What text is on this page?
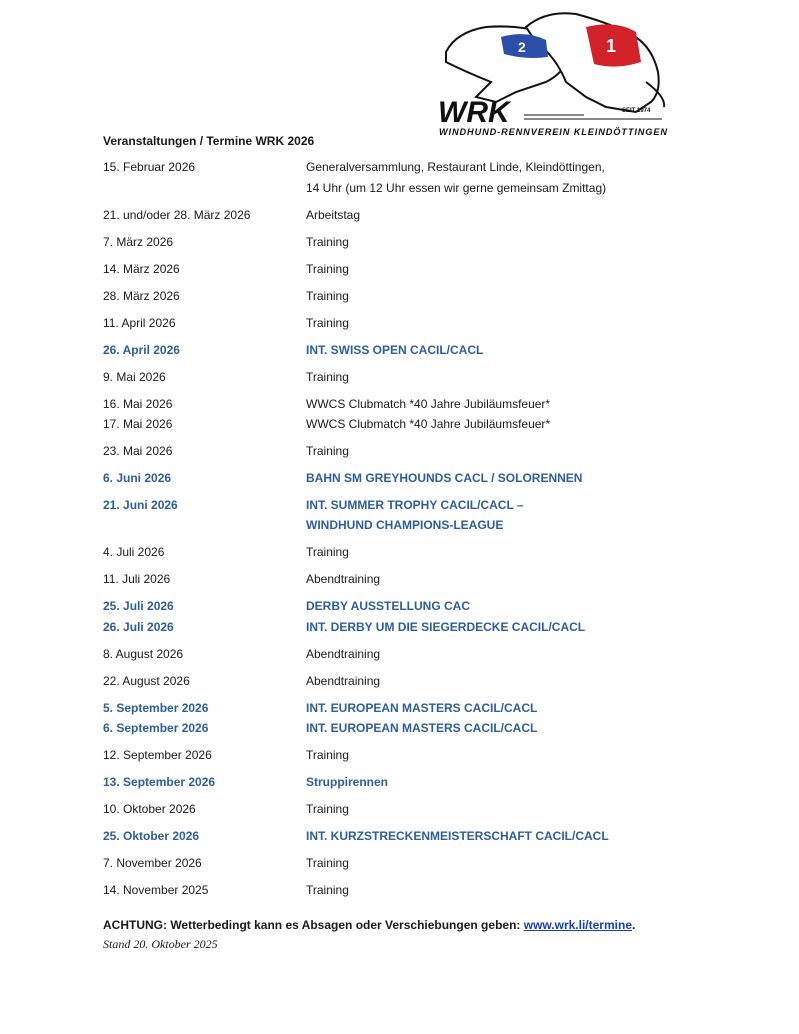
2	1
WRK	SEIT 1974
WINDHUND-RENNVEREIN KLEINDÖTTINGEN
Veranstaltungen / Termine WRK 2026
15. Februar 2026	Generalversammlung, Restaurant Linde, Kleindöttingen,
14 Uhr (um 12 Uhr essen wir gerne gemeinsam Zmittag)
21. und/oder 28. März 2026	Arbeitstag
7. März 2026	Training
14. März 2026	Training
28. März 2026	Training
11. April 2026	Training
26. April 2026	INT. SWISS OPEN CACIL/CACL
9. Mai 2026	Training
16. Mai 2026	WWCS Clubmatch *40 Jahre Jubiläumsfeuer*
17. Mai 2026	WWCS Clubmatch *40 Jahre Jubiläumsfeuer*
23. Mai 2026	Training
6. Juni 2026	BAHN SM GREYHOUNDS CACL / SOLORENNEN
21. Juni 2026	INT. SUMMER TROPHY CACIL/CACL –
WINDHUND CHAMPIONS-LEAGUE
4. Juli 2026	Training
11. Juli 2026	Abendtraining
25. Juli 2026	DERBY AUSSTELLUNG CAC
26. Juli 2026	INT. DERBY UM DIE SIEGERDECKE CACIL/CACL
8. August 2026	Abendtraining
22. August 2026	Abendtraining
5. September 2026	INT. EUROPEAN MASTERS CACIL/CACL
6. September 2026	INT. EUROPEAN MASTERS CACIL/CACL
12. September 2026	Training
13. September 2026	Struppirennen
10. Oktober 2026	Training
25. Oktober 2026	INT. KURZSTRECKENMEISTERSCHAFT CACIL/CACL
7. November 2026	Training
14. November 2025	Training
ACHTUNG: Wetterbedingt kann es Absagen oder Verschiebungen geben: www.wrk.li/termine.
Stand 20. Oktober 2025
